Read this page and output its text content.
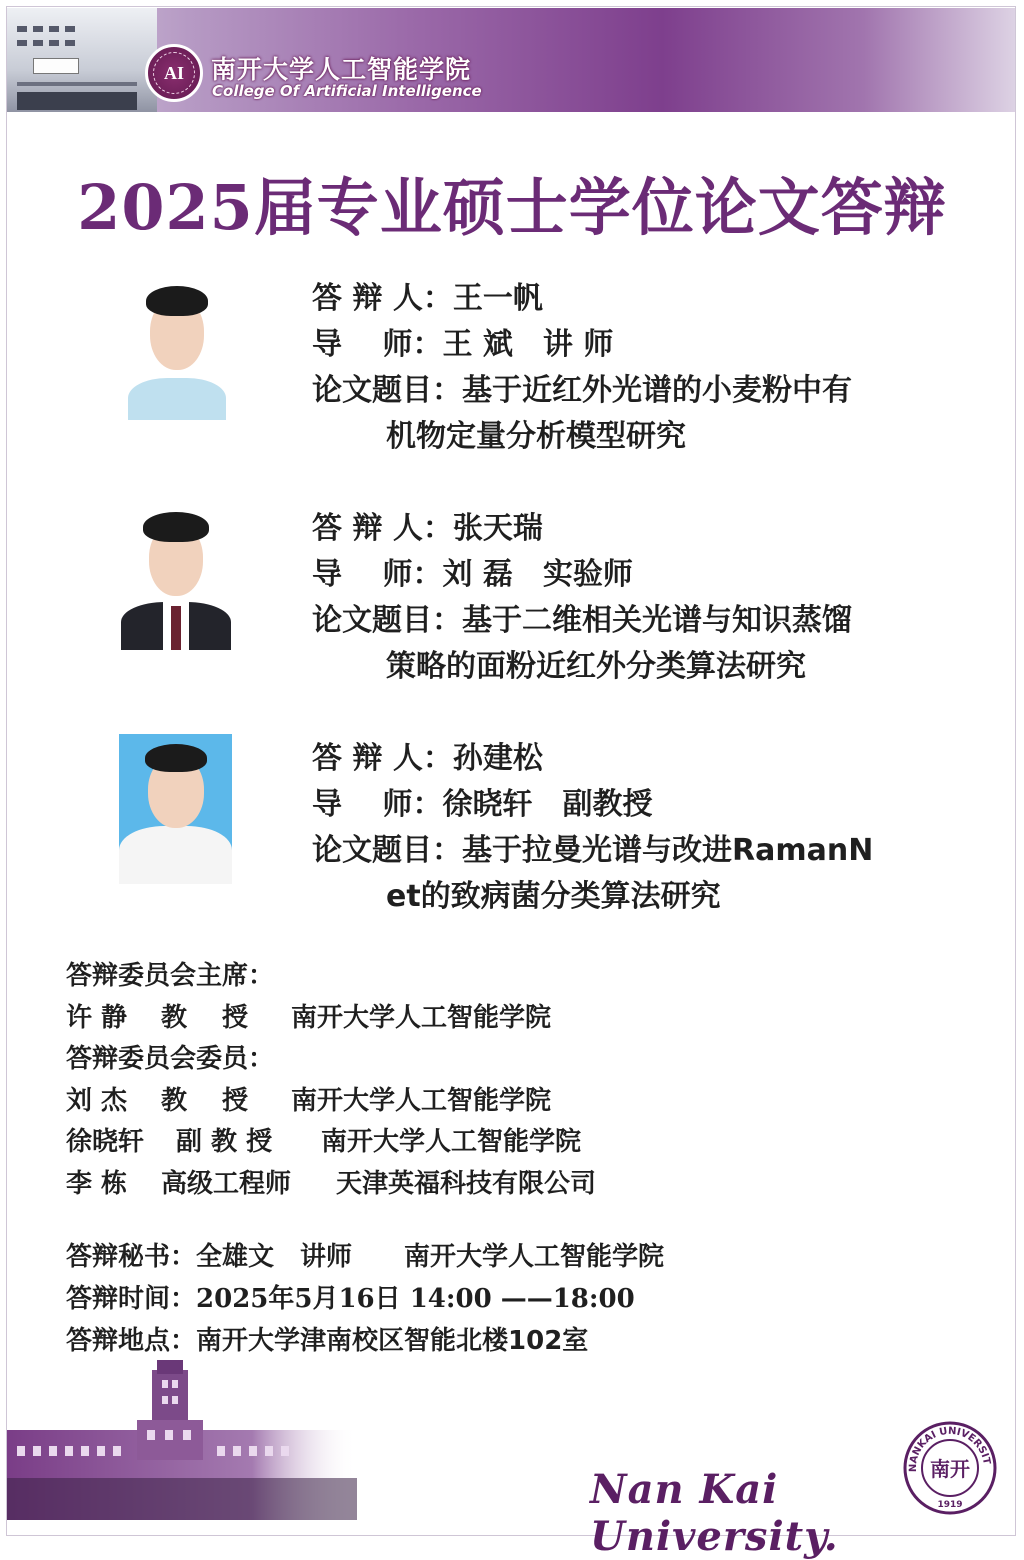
AI 南开大学人工智能学院
College Of Artificial Intelligence
2025届专业硕士学位论文答辩
答 辩 人：王一帆
导　 师：王 斌　讲 师
论文题目：基于近红外光谱的小麦粉中有
机物定量分析模型研究
答 辩 人：张天瑞
导　 师：刘 磊　实验师
论文题目：基于二维相关光谱与知识蒸馏
策略的面粉近红外分类算法研究
答 辩 人：孙建松
导　 师：徐晓轩　副教授
论文题目：基于拉曼光谱与改进RamanN
et的致病菌分类算法研究
答辩委员会主席：
许 静 教　 授 南开大学人工智能学院
答辩委员会委员：
刘 杰 教　 授 南开大学人工智能学院
徐晓轩 副 教 授 南开大学人工智能学院
李 栋 高级工程师 天津英福科技有限公司
答辩秘书：全雄文　讲师　　南开大学人工智能学院
答辩时间：2025年5月16日 14:00 ——18:00
答辩地点：南开大学津南校区智能北楼102室
Nan Kai University.
NANKAI UNIVERSIT
南开
1919
